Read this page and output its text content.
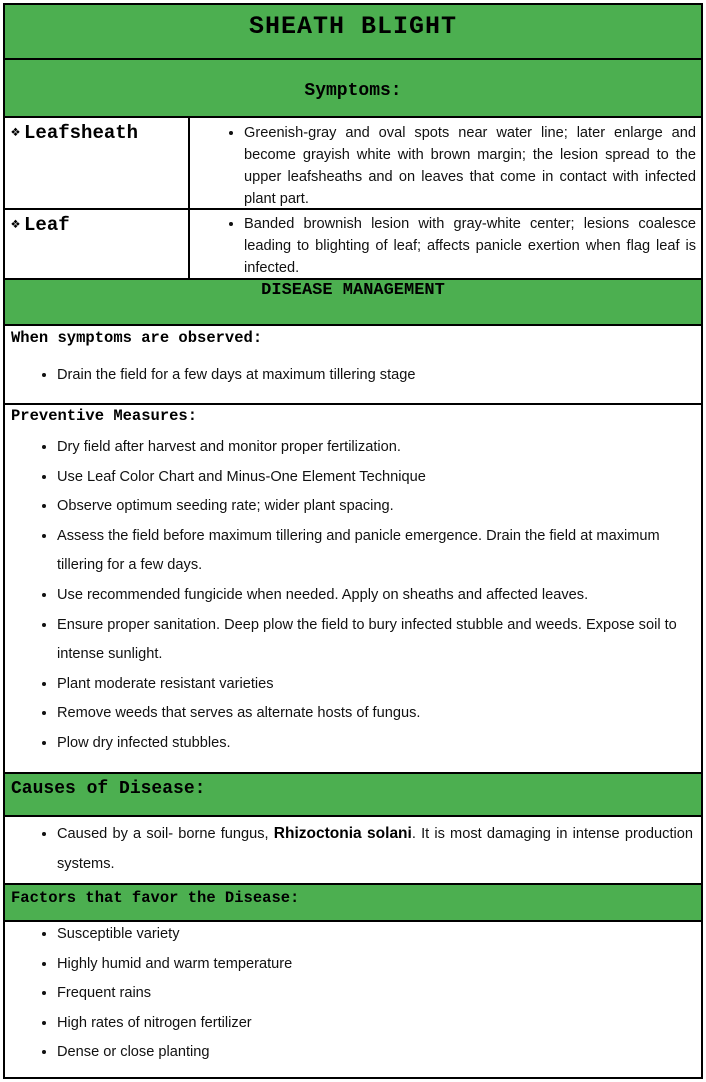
SHEATH BLIGHT
Symptoms:
❖ Leafsheath	• Greenish-gray and oval spots near water line; later enlarge and become grayish white with brown margin; the lesion spread to the upper leafsheaths and on leaves that come in contact with infected plant part.
❖ Leaf	• Banded brownish lesion with gray-white center; lesions coalesce leading to blighting of leaf; affects panicle exertion when flag leaf is infected.
DISEASE MANAGEMENT
When symptoms are observed:
• Drain the field for a few days at maximum tillering stage
Preventive Measures:
• Dry field after harvest and monitor proper fertilization.
• Use Leaf Color Chart and Minus-One Element Technique
• Observe optimum seeding rate; wider plant spacing.
• Assess the field before maximum tillering and panicle emergence. Drain the field at maximum tillering for a few days.
• Use recommended fungicide when needed. Apply on sheaths and affected leaves.
• Ensure proper sanitation. Deep plow the field to bury infected stubble and weeds. Expose soil to intense sunlight.
• Plant moderate resistant varieties
• Remove weeds that serves as alternate hosts of fungus.
• Plow dry infected stubbles.
Causes of Disease:
• Caused by a soil- borne fungus, Rhizoctonia solani. It is most damaging in intense production systems.
Factors that favor the Disease:
• Susceptible variety
• Highly humid and warm temperature
• Frequent rains
• High rates of nitrogen fertilizer
• Dense or close planting
